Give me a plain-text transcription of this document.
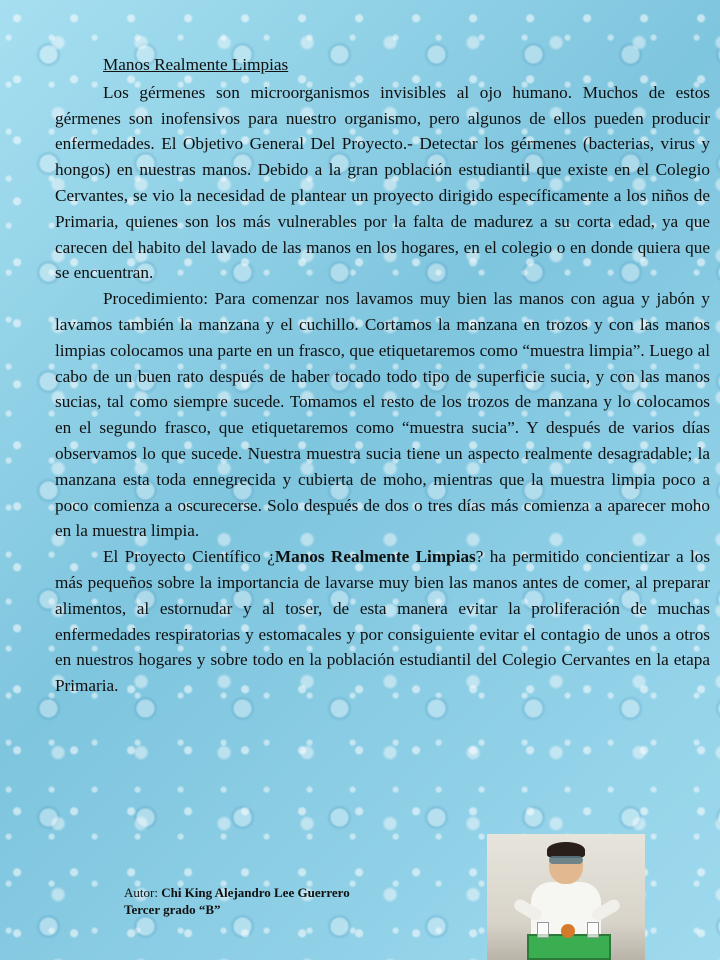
Manos Realmente Limpias

Los gérmenes son microorganismos invisibles al ojo humano. Muchos de estos gérmenes son inofensivos para nuestro organismo, pero algunos de ellos pueden producir enfermedades. El Objetivo General Del Proyecto.- Detectar los gérmenes (bacterias, virus y hongos) en nuestras manos. Debido a la gran población estudiantil que existe en el Colegio Cervantes, se vio la necesidad de plantear un proyecto dirigido específicamente a los niños de Primaria, quienes son los más vulnerables por la falta de madurez a su corta edad, ya que carecen del habito del lavado de las manos en los hogares, en el colegio o en donde quiera que se encuentran.

Procedimiento: Para comenzar nos lavamos muy bien las manos con agua y jabón y lavamos también la manzana y el cuchillo. Cortamos la manzana en trozos y con las manos limpias colocamos una parte en un frasco, que etiquetaremos como “muestra limpia”. Luego al cabo de un buen rato después de haber tocado todo tipo de superficie sucia, y con las manos sucias, tal como siempre sucede. Tomamos el resto de los trozos de manzana y lo colocamos en el segundo frasco, que etiquetaremos como “muestra sucia”. Y después de varios días observamos lo que sucede. Nuestra muestra sucia tiene un aspecto realmente desagradable; la manzana esta toda ennegrecida y cubierta de moho, mientras que la muestra limpia poco a poco comienza a oscurecerse. Solo después de dos o tres días más comienza a aparecer moho en la muestra limpia.

El Proyecto Científico ¿Manos Realmente Limpias? ha permitido concientizar a los más pequeños sobre la importancia de lavarse muy bien las manos antes de comer, al preparar alimentos, al estornudar y al toser, de esta manera evitar la proliferación de muchas enfermedades respiratorias y estomacales y por consiguiente evitar el contagio de unos a otros en nuestros hogares y sobre todo en la población estudiantil del Colegio Cervantes en la etapa Primaria.

Autor: Chi King Alejandro Lee Guerrero
Tercer grado “B”
